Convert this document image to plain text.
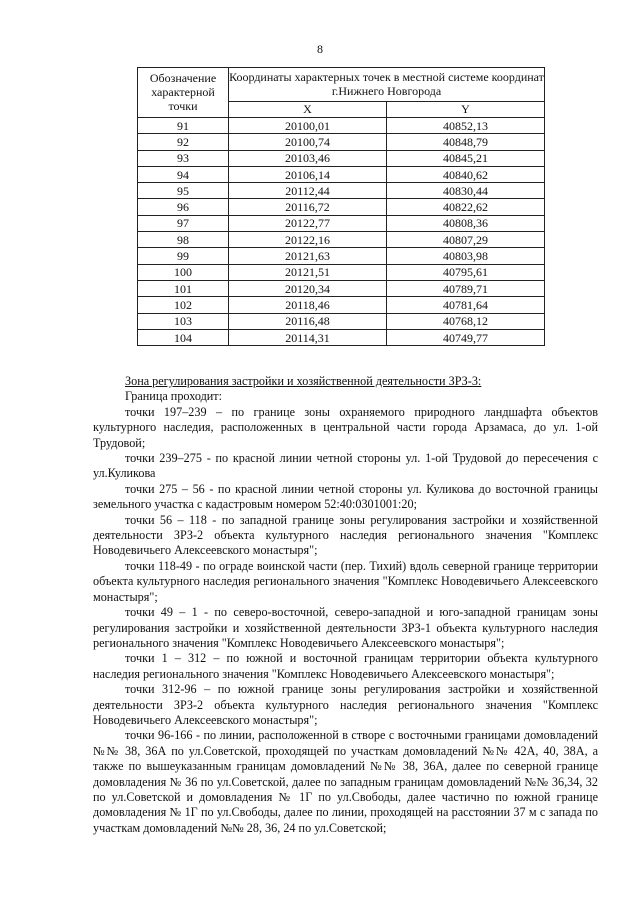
8
Обозначение характерной точки	Координаты характерных точек в местной системе координат г.Нижнего Новгорода	
	X	Y
91	20100,01	40852,13
92	20100,74	40848,79
93	20103,46	40845,21
94	20106,14	40840,62
95	20112,44	40830,44
96	20116,72	40822,62
97	20122,77	40808,36
98	20122,16	40807,29
99	20121,63	40803,98
100	20121,51	40795,61
101	20120,34	40789,71
102	20118,46	40781,64
103	20116,48	40768,12
104	20114,31	40749,77

Зона регулирования застройки и хозяйственной деятельности ЗРЗ-3:

Граница проходит:

точки 197–239 – по границе зоны охраняемого природного ландшафта объектов культурного наследия, расположенных в центральной части города Арзамаса, до ул. 1-ой Трудовой;

точки 239–275 - по красной линии четной стороны ул. 1-ой Трудовой до пересечения с ул.Куликова

точки 275 – 56 - по красной линии четной стороны ул. Куликова до восточной границы земельного участка с кадастровым номером 52:40:0301001:20;

точки 56 – 118 - по западной границе зоны регулирования застройки и хозяйственной деятельности ЗРЗ-2 объекта культурного наследия регионального значения "Комплекс Новодевичьего Алексеевского монастыря";

точки 118-49 - по ограде воинской части (пер. Тихий) вдоль северной границе территории объекта культурного наследия регионального значения "Комплекс Новодевичьего Алексеевского монастыря";

точки 49 – 1 - по северо-восточной, северо-западной и юго-западной границам зоны регулирования застройки и хозяйственной деятельности ЗРЗ-1 объекта культурного наследия регионального значения "Комплекс Новодевичьего Алексеевского монастыря";

точки 1 – 312 – по южной и восточной границам территории объекта культурного наследия регионального значения "Комплекс Новодевичьего Алексеевского монастыря";

точки 312-96 – по южной границе зоны регулирования застройки и хозяйственной деятельности ЗРЗ-2 объекта культурного наследия регионального значения "Комплекс Новодевичьего Алексеевского монастыря";

точки 96-166 - по линии, расположенной в створе с восточными границами домовладений №№ 38, 36А по ул.Советской, проходящей по участкам домовладений №№ 42А, 40, 38А, а также по вышеуказанным границам домовладений №№ 38, 36А, далее по северной границе домовладения № 36 по ул.Советской, далее по западным границам домовладений №№ 36,34, 32 по ул.Советской и домовладения № 1Г по ул.Свободы, далее частично по южной границе домовладения № 1Г по ул.Свободы, далее по линии, проходящей на расстоянии 37 м с запада по участкам домовладений №№ 28, 36, 24 по ул.Советской;
